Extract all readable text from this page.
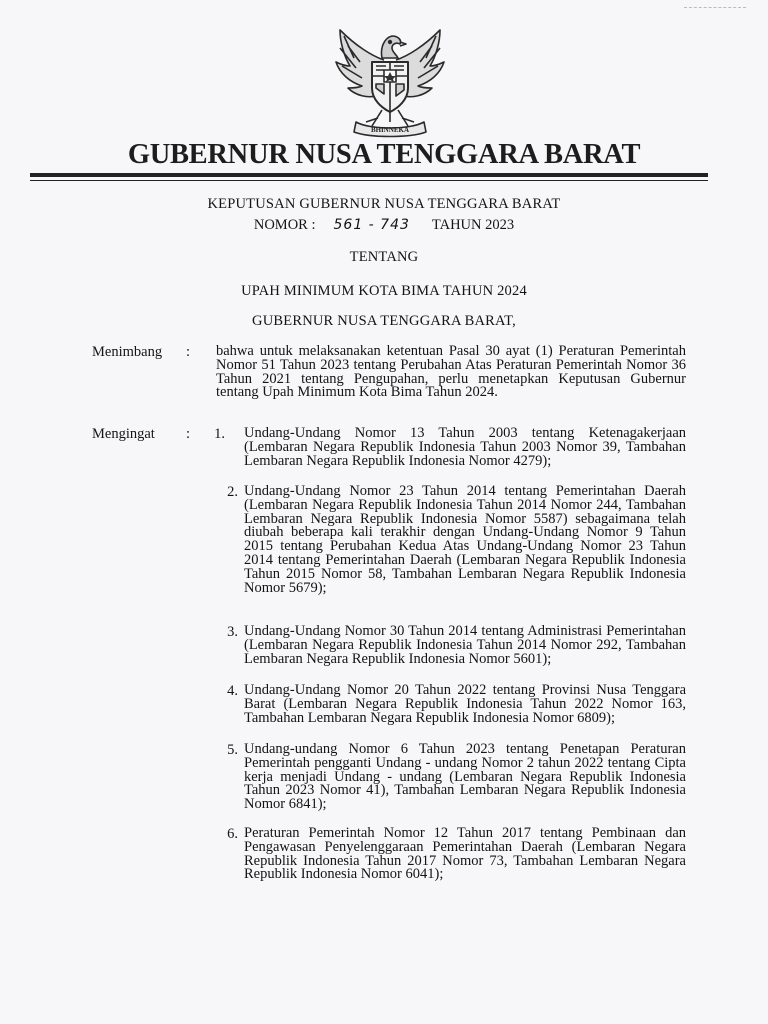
BHINNEKA
GUBERNUR NUSA TENGGARA BARAT
KEPUTUSAN GUBERNUR NUSA TENGGARA BARAT
NOMOR : 561 - 743 TAHUN 2023
TENTANG
UPAH MINIMUM KOTA BIMA TAHUN 2024
GUBERNUR NUSA TENGGARA BARAT,
Menimbang : bahwa untuk melaksanakan ketentuan Pasal 30 ayat (1) Peraturan Pemerintah Nomor 51 Tahun 2023 tentang Perubahan Atas Peraturan Pemerintah Nomor 36 Tahun 2021 tentang Pengupahan, perlu menetapkan Keputusan Gubernur tentang Upah Minimum Kota Bima Tahun 2024.
Mengingat :	1. Undang-Undang Nomor 13 Tahun 2003 tentang Ketenagakerjaan (Lembaran Negara Republik Indonesia Tahun 2003 Nomor 39, Tambahan Lembaran Negara Republik Indonesia Nomor 4279);
2. Undang-Undang Nomor 23 Tahun 2014 tentang Pemerintahan Daerah (Lembaran Negara Republik Indonesia Tahun 2014 Nomor 244, Tambahan Lembaran Negara Republik Indonesia Nomor 5587) sebagaimana telah diubah beberapa kali terakhir dengan Undang-Undang Nomor 9 Tahun 2015 tentang Perubahan Kedua Atas Undang-Undang Nomor 23 Tahun 2014 tentang Pemerintahan Daerah (Lembaran Negara Republik Indonesia Tahun 2015 Nomor 58, Tambahan Lembaran Negara Republik Indonesia Nomor 5679);
3. Undang-Undang Nomor 30 Tahun 2014 tentang Administrasi Pemerintahan (Lembaran Negara Republik Indonesia Tahun 2014 Nomor 292, Tambahan Lembaran Negara Republik Indonesia Nomor 5601);
4. Undang-Undang Nomor 20 Tahun 2022 tentang Provinsi Nusa Tenggara Barat (Lembaran Negara Republik Indonesia Tahun 2022 Nomor 163, Tambahan Lembaran Negara Republik Indonesia Nomor 6809);
5. Undang-undang Nomor 6 Tahun 2023 tentang Penetapan Peraturan Pemerintah pengganti Undang - undang Nomor 2 tahun 2022 tentang Cipta kerja menjadi Undang - undang (Lembaran Negara Republik Indonesia Tahun 2023 Nomor 41), Tambahan Lembaran Negara Republik Indonesia Nomor 6841);
6. Peraturan Pemerintah Nomor 12 Tahun 2017 tentang Pembinaan dan Pengawasan Penyelenggaraan Pemerintahan Daerah (Lembaran Negara Republik Indonesia Tahun 2017 Nomor 73, Tambahan Lembaran Negara Republik Indonesia Nomor 6041);
